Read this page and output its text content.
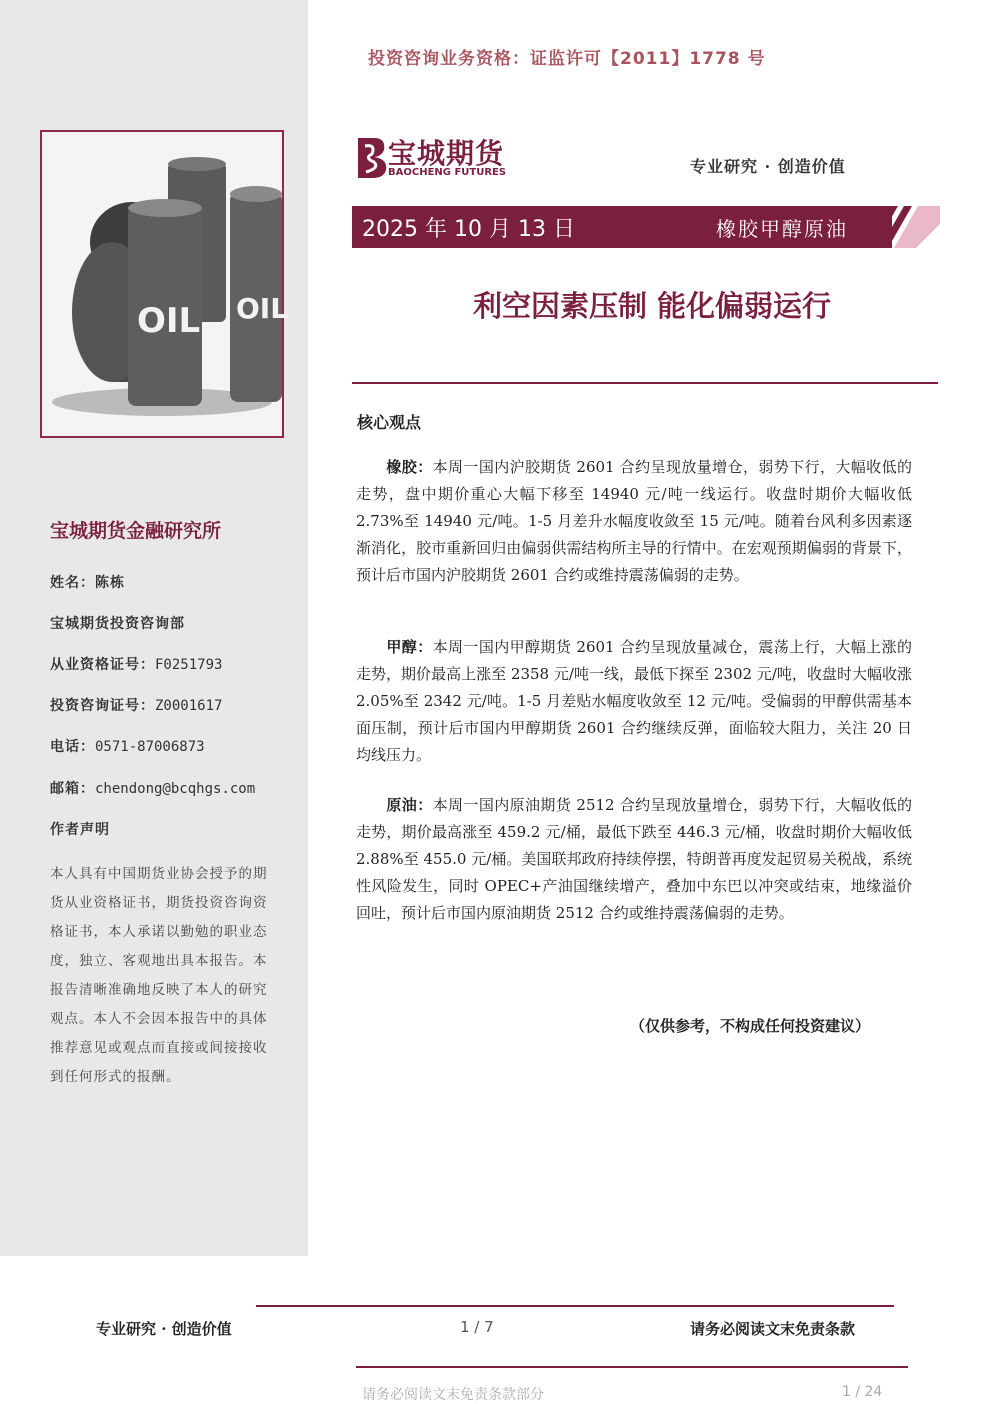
投资咨询业务资格：证监许可【2011】1778 号
OIL OIL
宝城期货
BAOCHENG FUTURES	专业研究 · 创造价值
2025 年 10 月 13 日	橡胶甲醇原油
利空因素压制 能化偏弱运行
核心观点

橡胶：本周一国内沪胶期货 2601 合约呈现放量增仓，弱势下行，大幅收低的走势，盘中期价重心大幅下移至 14940 元/吨一线运行。收盘时期价大幅收低 2.73%至 14940 元/吨。1-5 月差升水幅度收敛至 15 元/吨。随着台风利多因素逐渐消化，胶市重新回归由偏弱供需结构所主导的行情中。在宏观预期偏弱的背景下，预计后市国内沪胶期货 2601 合约或维持震荡偏弱的走势。

甲醇：本周一国内甲醇期货 2601 合约呈现放量减仓，震荡上行，大幅上涨的走势，期价最高上涨至 2358 元/吨一线，最低下探至 2302 元/吨，收盘时大幅收涨 2.05%至 2342 元/吨。1-5 月差贴水幅度收敛至 12 元/吨。受偏弱的甲醇供需基本面压制，预计后市国内甲醇期货 2601 合约继续反弹，面临较大阻力，关注 20 日均线压力。

原油：本周一国内原油期货 2512 合约呈现放量增仓，弱势下行，大幅收低的走势，期价最高涨至 459.2 元/桶，最低下跌至 446.3 元/桶，收盘时期价大幅收低 2.88%至 455.0 元/桶。美国联邦政府持续停摆，特朗普再度发起贸易关税战，系统性风险发生，同时 OPEC+产油国继续增产，叠加中东巴以冲突或结束，地缘溢价回吐，预计后市国内原油期货 2512 合约或维持震荡偏弱的走势。

（仅供参考，不构成任何投资建议）
宝城期货金融研究所
姓名：陈栋
宝城期货投资咨询部
从业资格证号：F0251793
投资咨询证号：Z0001617
电话：0571-87006873
邮箱：chendong@bcqhgs.com
作者声明

本人具有中国期货业协会授予的期货从业资格证书，期货投资咨询资格证书，本人承诺以勤勉的职业态度，独立、客观地出具本报告。本报告清晰准确地反映了本人的研究观点。本人不会因本报告中的具体推荐意见或观点而直接或间接接收到任何形式的报酬。

专业研究 · 创造价值	1 / 7	请务必阅读文末免责条款
请务必阅读文末免责条款部分	1 / 24
